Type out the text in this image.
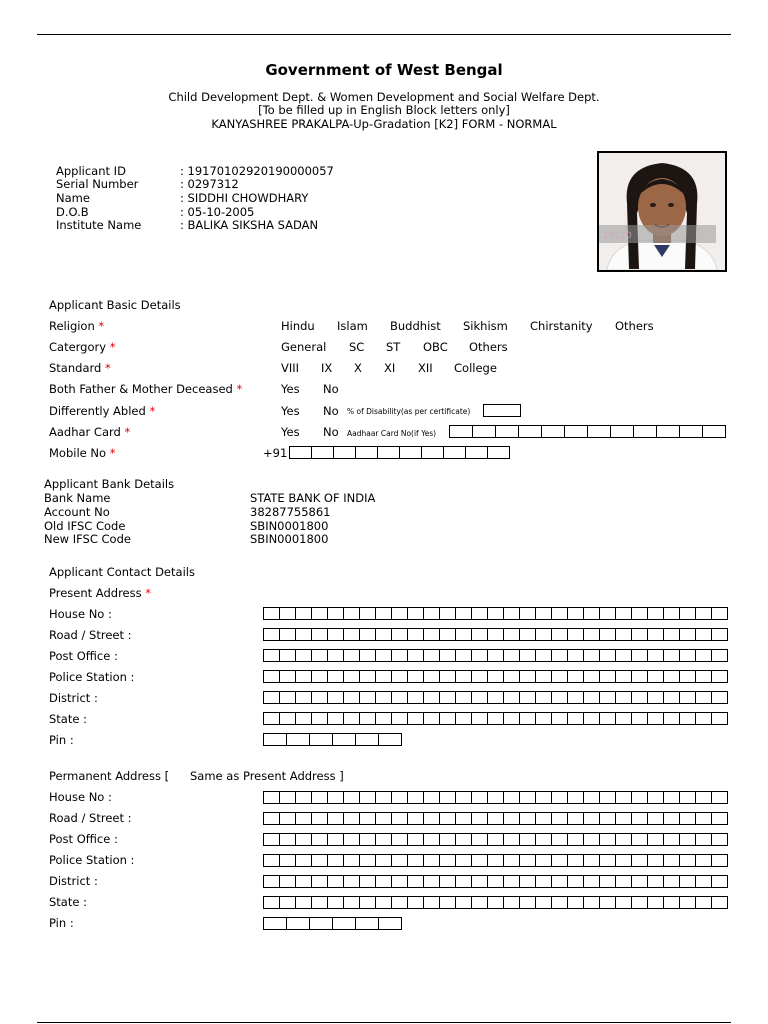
Government of West Bengal
Child Development Dept. & Women Development and Social Welfare Dept.
[To be filled up in English Block letters only]
KANYASHREE PRAKALPA-Up-Gradation [K2] FORM - NORMAL
Applicant ID	: 19170102920190000057
Serial Number	: 0297312
Name	: SIDDHI CHOWDHARY
D.O.B	: 05-10-2005
Institute Name	: BALIKA SIKSHA SADAN
19170
Applicant Basic Details
Religion *	Hindu Islam Buddhist Sikhism Chirstanity Others
Catergory *	General SC ST OBC Others
Standard *	VIII IX X XI XII College
Both Father & Mother Deceased *	Yes No
Differently Abled *	Yes No % of Disability(as per certificate)
Aadhar Card *	Yes No Aadhaar Card No(if Yes)
Mobile No *	+91
Applicant Bank Details
Bank Name	STATE BANK OF INDIA
Account No	38287755861
Old IFSC Code	SBIN0001800
New IFSC Code	SBIN0001800
Applicant Contact Details
Present Address *
House No :
Road / Street :
Post Office :
Police Station :
District :
State :
Pin :
Permanent Address [ Same as Present Address ]
House No :
Road / Street :
Post Office :
Police Station :
District :
State :
Pin :
